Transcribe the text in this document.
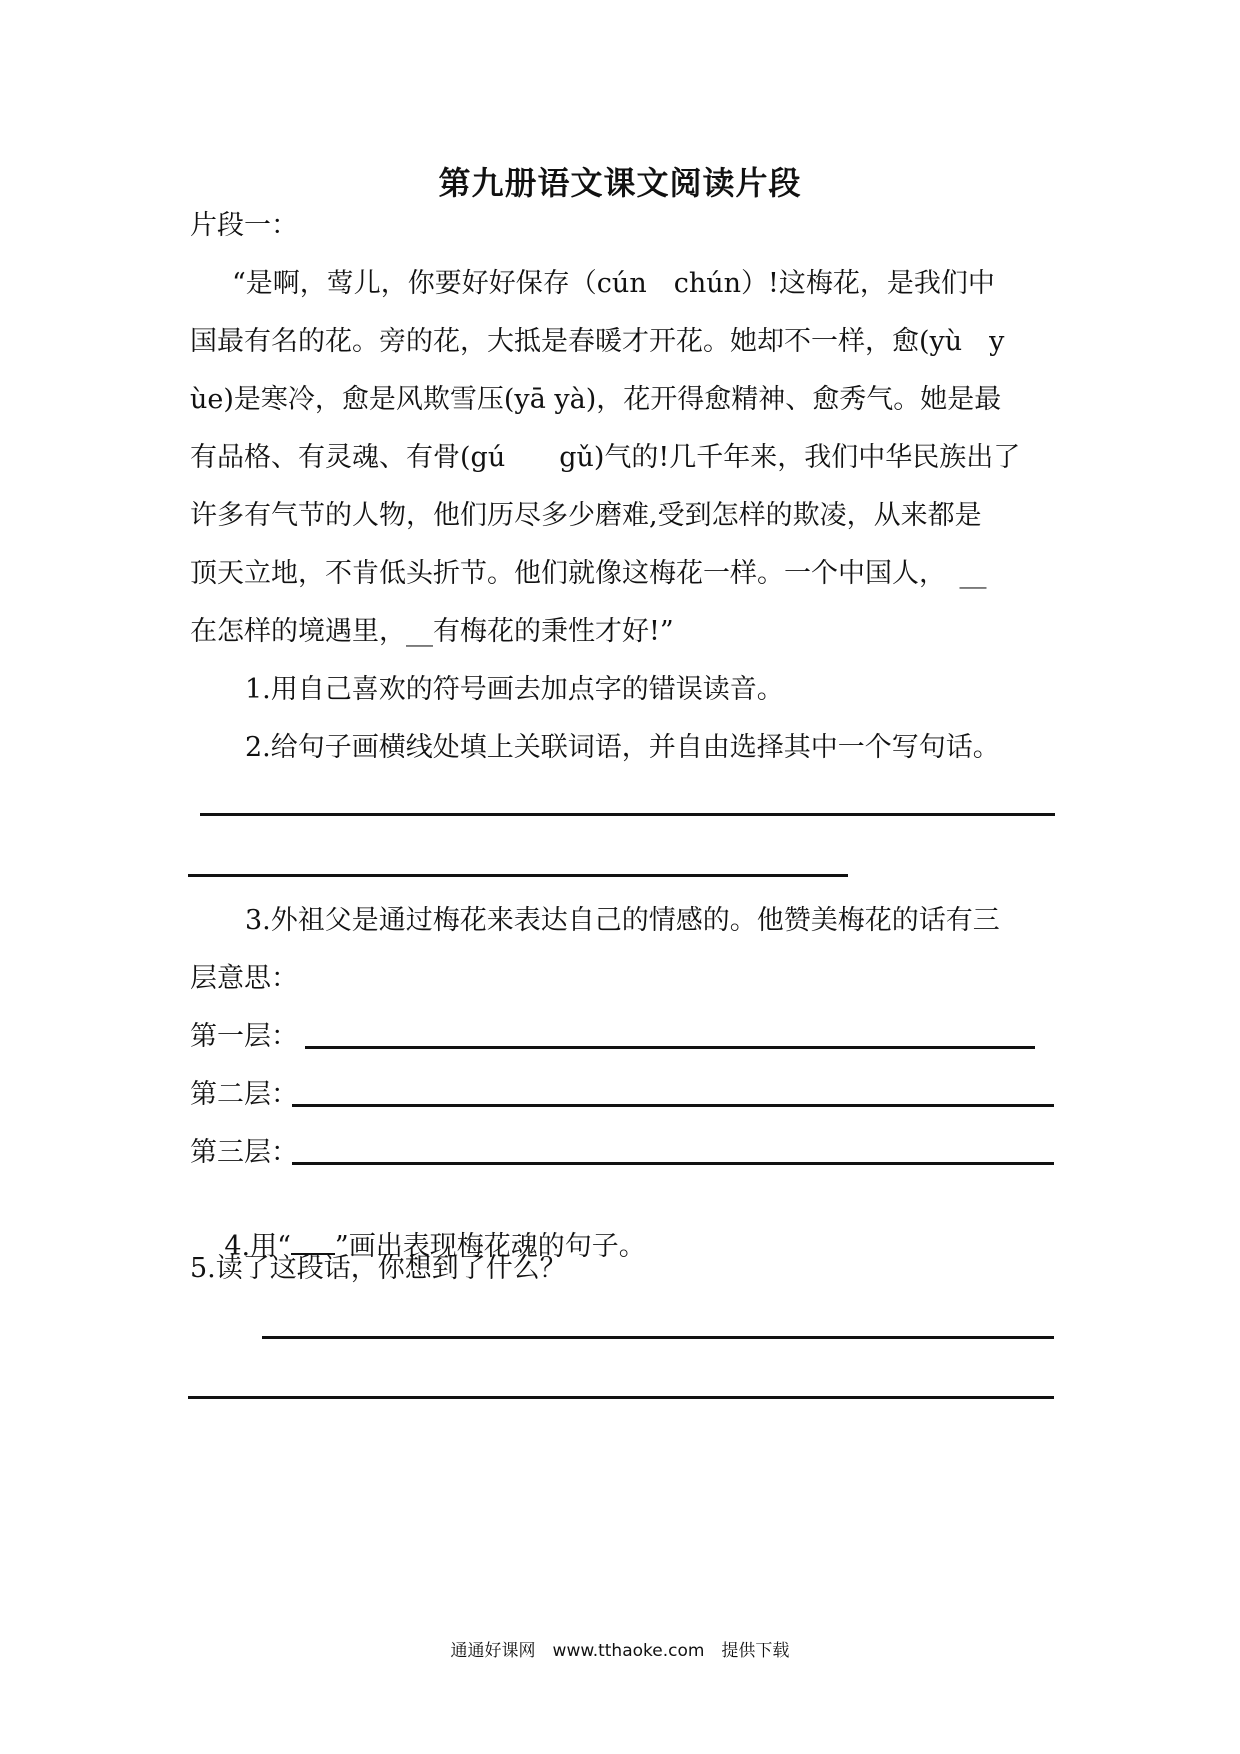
第九册语文课文阅读片段
片段一：
“是啊，莺儿，你要好好保存（cún　chún）!这梅花，是我们中
国最有名的花。旁的花，大抵是春暖才开花。她却不一样，愈(yù　y
ùe)是寒冷，愈是风欺雪压(yā yà)，花开得愈精神、愈秀气。她是最
有品格、有灵魂、有骨(gú　　gǔ)气的!几千年来，我们中华民族出了
许多有气节的人物，他们历尽多少磨难,受到怎样的欺凌，从来都是
顶天立地，不肯低头折节。他们就像这梅花一样。一个中国人，　__
在怎样的境遇里，__有梅花的秉性才好!”
1.用自己喜欢的符号画去加点字的错误读音。
2.给句子画横线处填上关联词语，并自由选择其中一个写句话。
3.外祖父是通过梅花来表达自己的情感的。他赞美梅花的话有三
层意思：
第一层：
第二层：
第三层：

4.用“ ”画出表现梅花魂的句子。

5.读了这段话，你想到了什么？
通通好课网　www.tthaoke.com　提供下载
